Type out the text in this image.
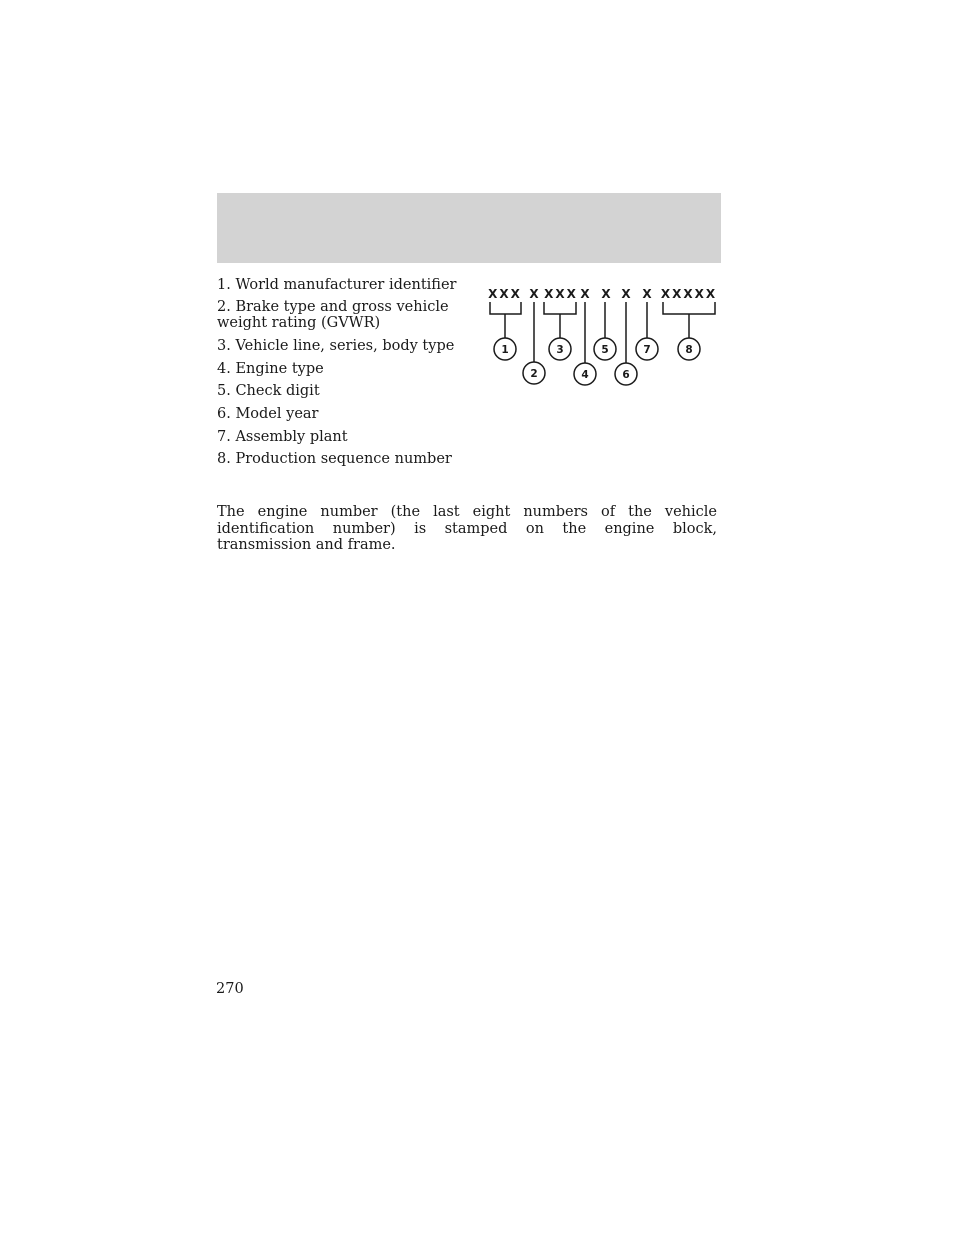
1. World manufacturer identifier
2. Brake type and gross vehicle weight rating (GVWR)
3. Vehicle line, series, body type
4. Engine type
5. Check digit
6. Model year
7. Assembly plant
8. Production sequence number
XXX X XXX X X X X XXXXX
1
2
3
4
5
6
7	8

The engine number (the last eight numbers of the vehicle identification number) is stamped on the engine block, transmission and frame.

270
